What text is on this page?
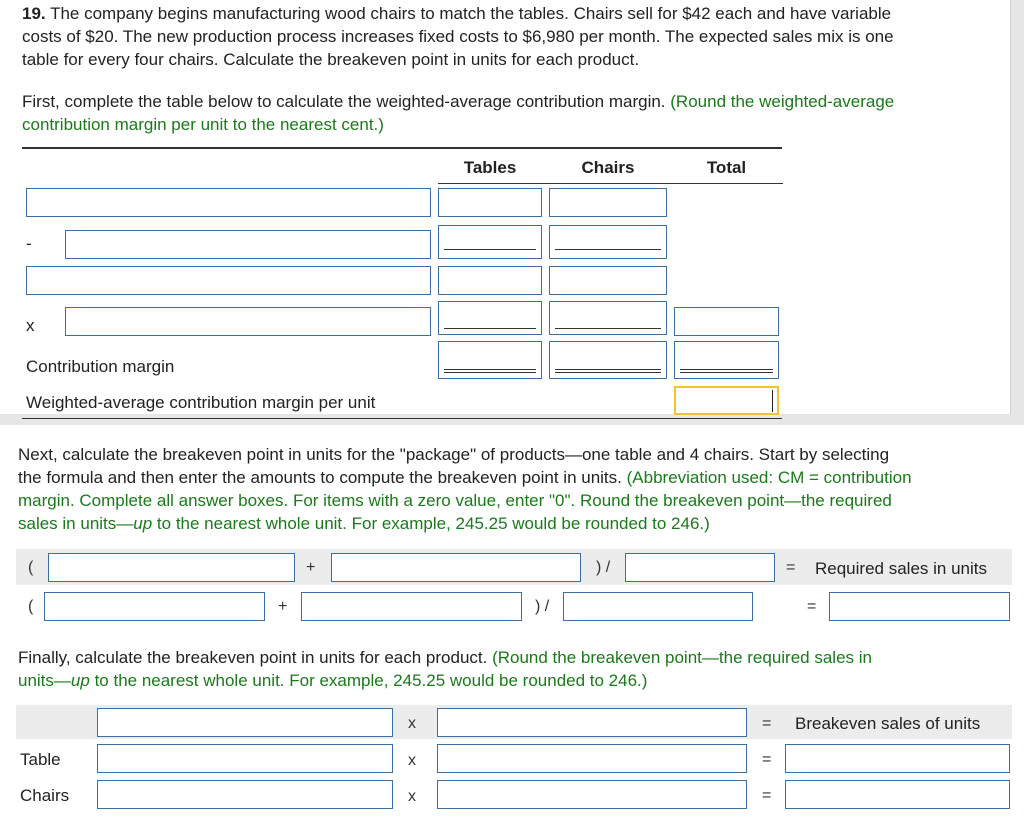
19. The company begins manufacturing wood chairs to match the tables. Chairs sell for $42 each and have variable
costs of $20. The new production process increases fixed costs to $6,980 per month. The expected sales mix is one
table for every four chairs. Calculate the breakeven point in units for each product.
First, complete the table below to calculate the weighted-average contribution margin. (Round the weighted-average
contribution margin per unit to the nearest cent.)
Tables	Chairs	Total
-
x
Contribution margin
Weighted-average contribution margin per unit
Next, calculate the breakeven point in units for the "package" of products—one table and 4 chairs. Start by selecting
the formula and then enter the amounts to compute the breakeven point in units. (Abbreviation used: CM = contribution
margin. Complete all answer boxes. For items with a zero value, enter "0". Round the breakeven point—the required
sales in units—up to the nearest whole unit. For example, 245.25 would be rounded to 246.)
(	+	) /	= Required sales in units
(	+	) /	=
Finally, calculate the breakeven point in units for each product. (Round the breakeven point—the required sales in
units—up to the nearest whole unit. For example, 245.25 would be rounded to 246.)
x	= Breakeven sales of units
Table	x	=
Chairs	x	=
